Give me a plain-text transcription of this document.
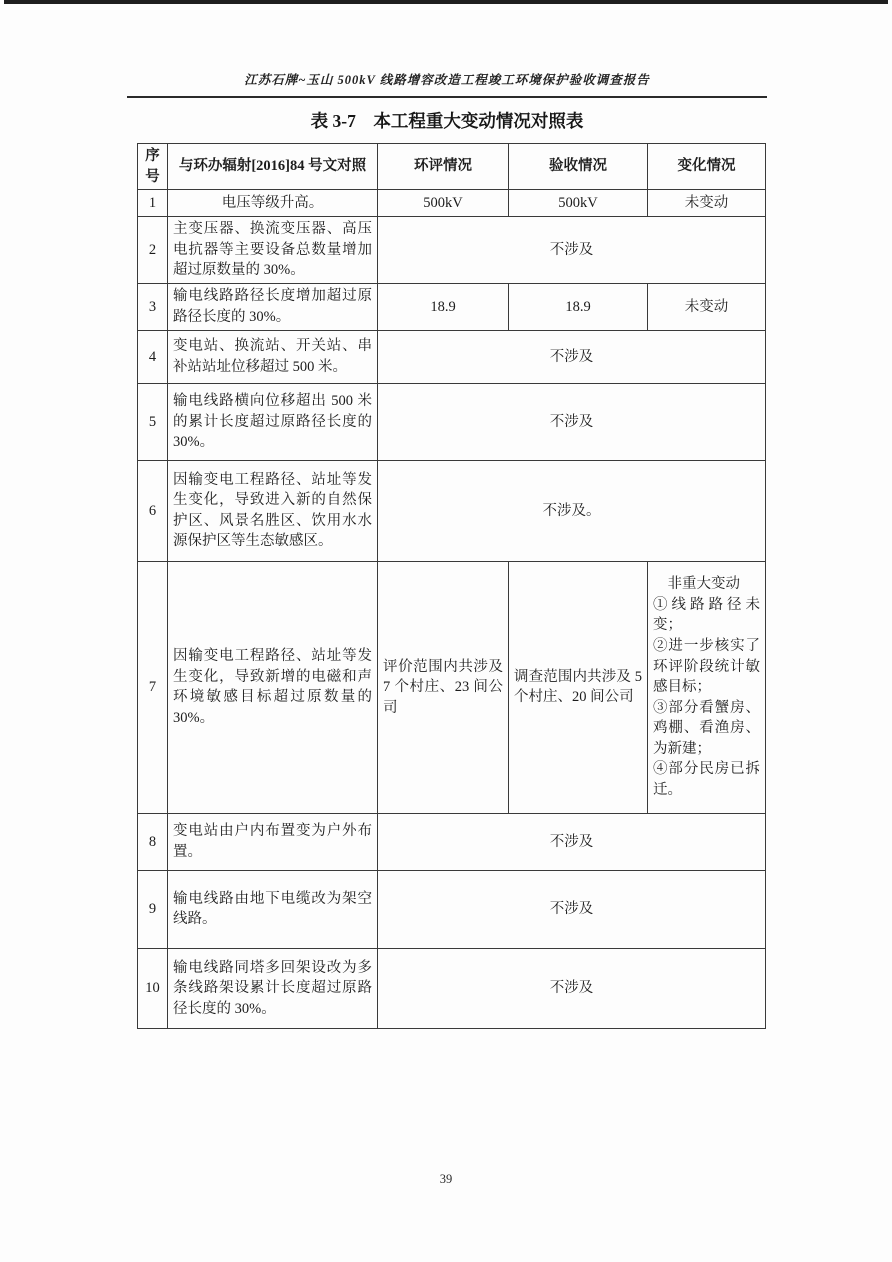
江苏石牌~玉山 500kV 线路增容改造工程竣工环境保护验收调查报告
表 3-7　本工程重大变动情况对照表
序号	与环办辐射[2016]84 号文对照	环评情况	验收情况	变化情况
1	电压等级升高。	500kV	500kV	未变动
2	主变压器、换流变压器、高压电抗器等主要设备总数量增加超过原数量的 30%。	不涉及		
3	输电线路路径长度增加超过原路径长度的 30%。	18.9	18.9	未变动
4	变电站、换流站、开关站、串补站站址位移超过 500 米。	不涉及		
5	输电线路横向位移超出 500 米的累计长度超过原路径长度的 30%。	不涉及		
6	因输变电工程路径、站址等发生变化，导致进入新的自然保护区、风景名胜区、饮用水水源保护区等生态敏感区。	不涉及。		
7	因输变电工程路径、站址等发生变化，导致新增的电磁和声环境敏感目标超过原数量的 30%。	评价范围内共涉及 7 个村庄、23 间公司	调查范围内共涉及 5 个村庄、20 间公司	非重大变动
①线路路径未变；
②进一步核实了环评阶段统计敏感目标；
③部分看蟹房、鸡棚、看渔房、为新建；
④部分民房已拆迁。

8	变电站由户内布置变为户外布置。	不涉及		
9	输电线路由地下电缆改为架空线路。	不涉及		
10	输电线路同塔多回架设改为多条线路架设累计长度超过原路径长度的 30%。	不涉及		
39
